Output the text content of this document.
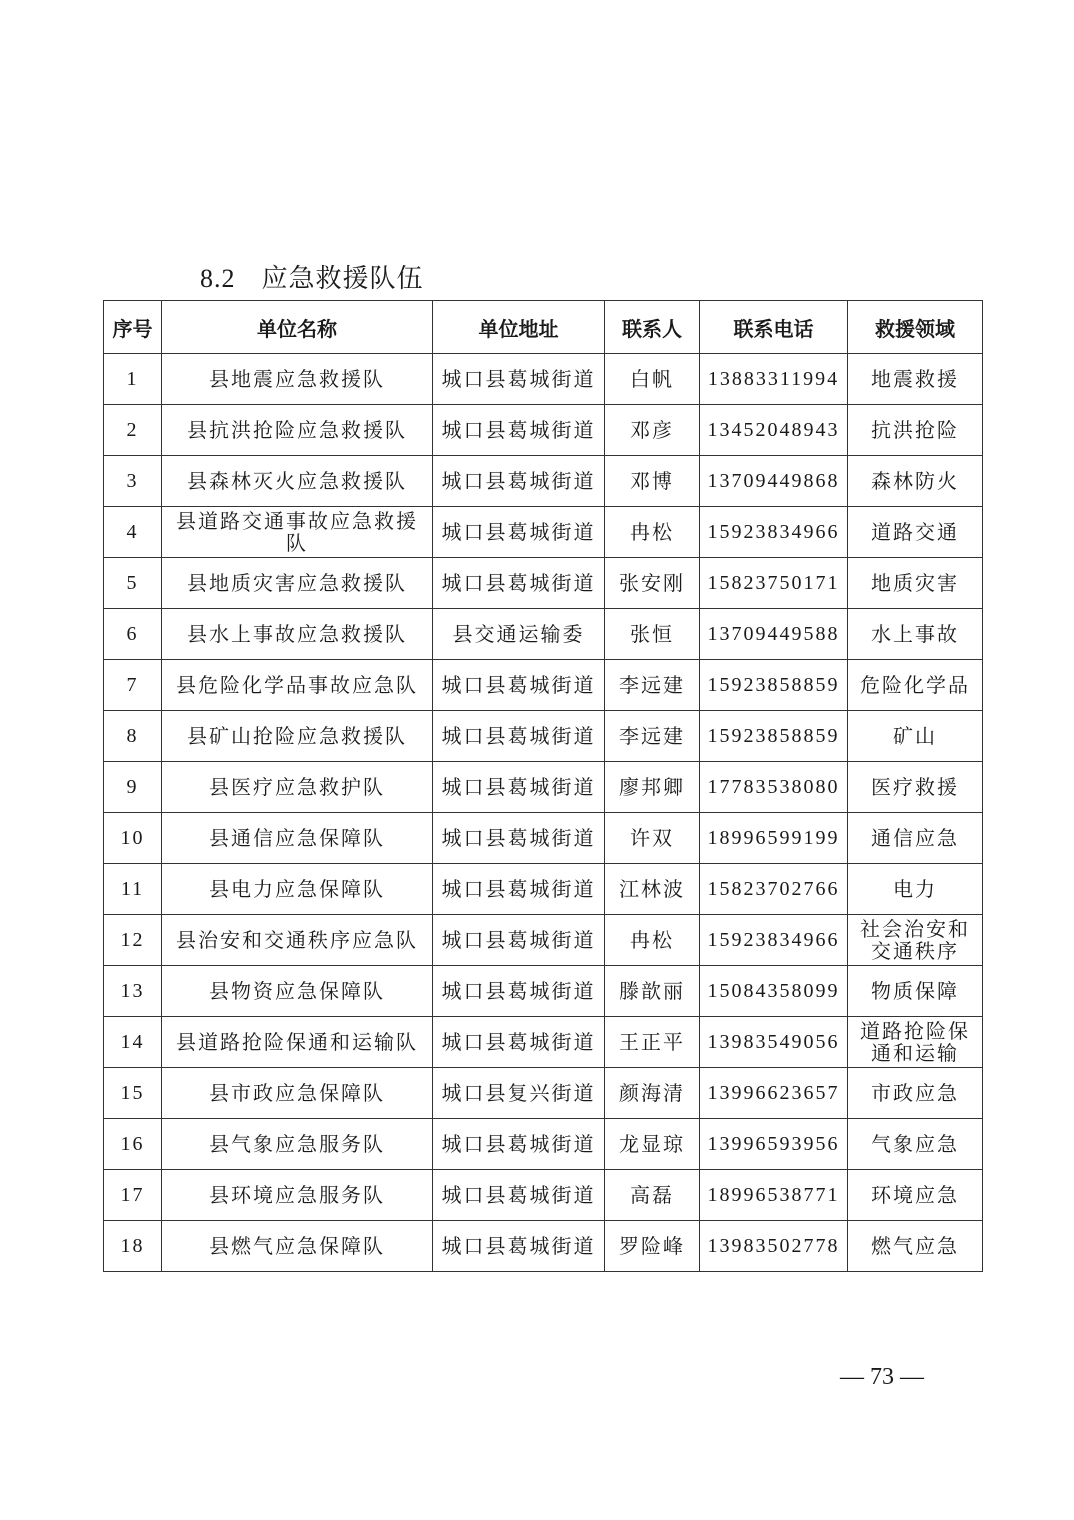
8.2 应急救援队伍
序号	单位名称	单位地址	联系人	联系电话	救援领域
1	县地震应急救援队	城口县葛城街道	白帆	13883311994	地震救援
2	县抗洪抢险应急救援队	城口县葛城街道	邓彦	13452048943	抗洪抢险
3	县森林灭火应急救援队	城口县葛城街道	邓博	13709449868	森林防火
4	县道路交通事故应急救援队	城口县葛城街道	冉松	15923834966	道路交通
5	县地质灾害应急救援队	城口县葛城街道	张安刚	15823750171	地质灾害
6	县水上事故应急救援队	县交通运输委	张恒	13709449588	水上事故
7	县危险化学品事故应急队	城口县葛城街道	李远建	15923858859	危险化学品
8	县矿山抢险应急救援队	城口县葛城街道	李远建	15923858859	矿山
9	县医疗应急救护队	城口县葛城街道	廖邦卿	17783538080	医疗救援
10	县通信应急保障队	城口县葛城街道	许双	18996599199	通信应急
11	县电力应急保障队	城口县葛城街道	江林波	15823702766	电力
12	县治安和交通秩序应急队	城口县葛城街道	冉松	15923834966	社会治安和交通秩序
13	县物资应急保障队	城口县葛城街道	滕歆丽	15084358099	物质保障
14	县道路抢险保通和运输队	城口县葛城街道	王正平	13983549056	道路抢险保通和运输
15	县市政应急保障队	城口县复兴街道	颜海清	13996623657	市政应急
16	县气象应急服务队	城口县葛城街道	龙显琼	13996593956	气象应急
17	县环境应急服务队	城口县葛城街道	高磊	18996538771	环境应急
18	县燃气应急保障队	城口县葛城街道	罗险峰	13983502778	燃气应急
— 73 —
